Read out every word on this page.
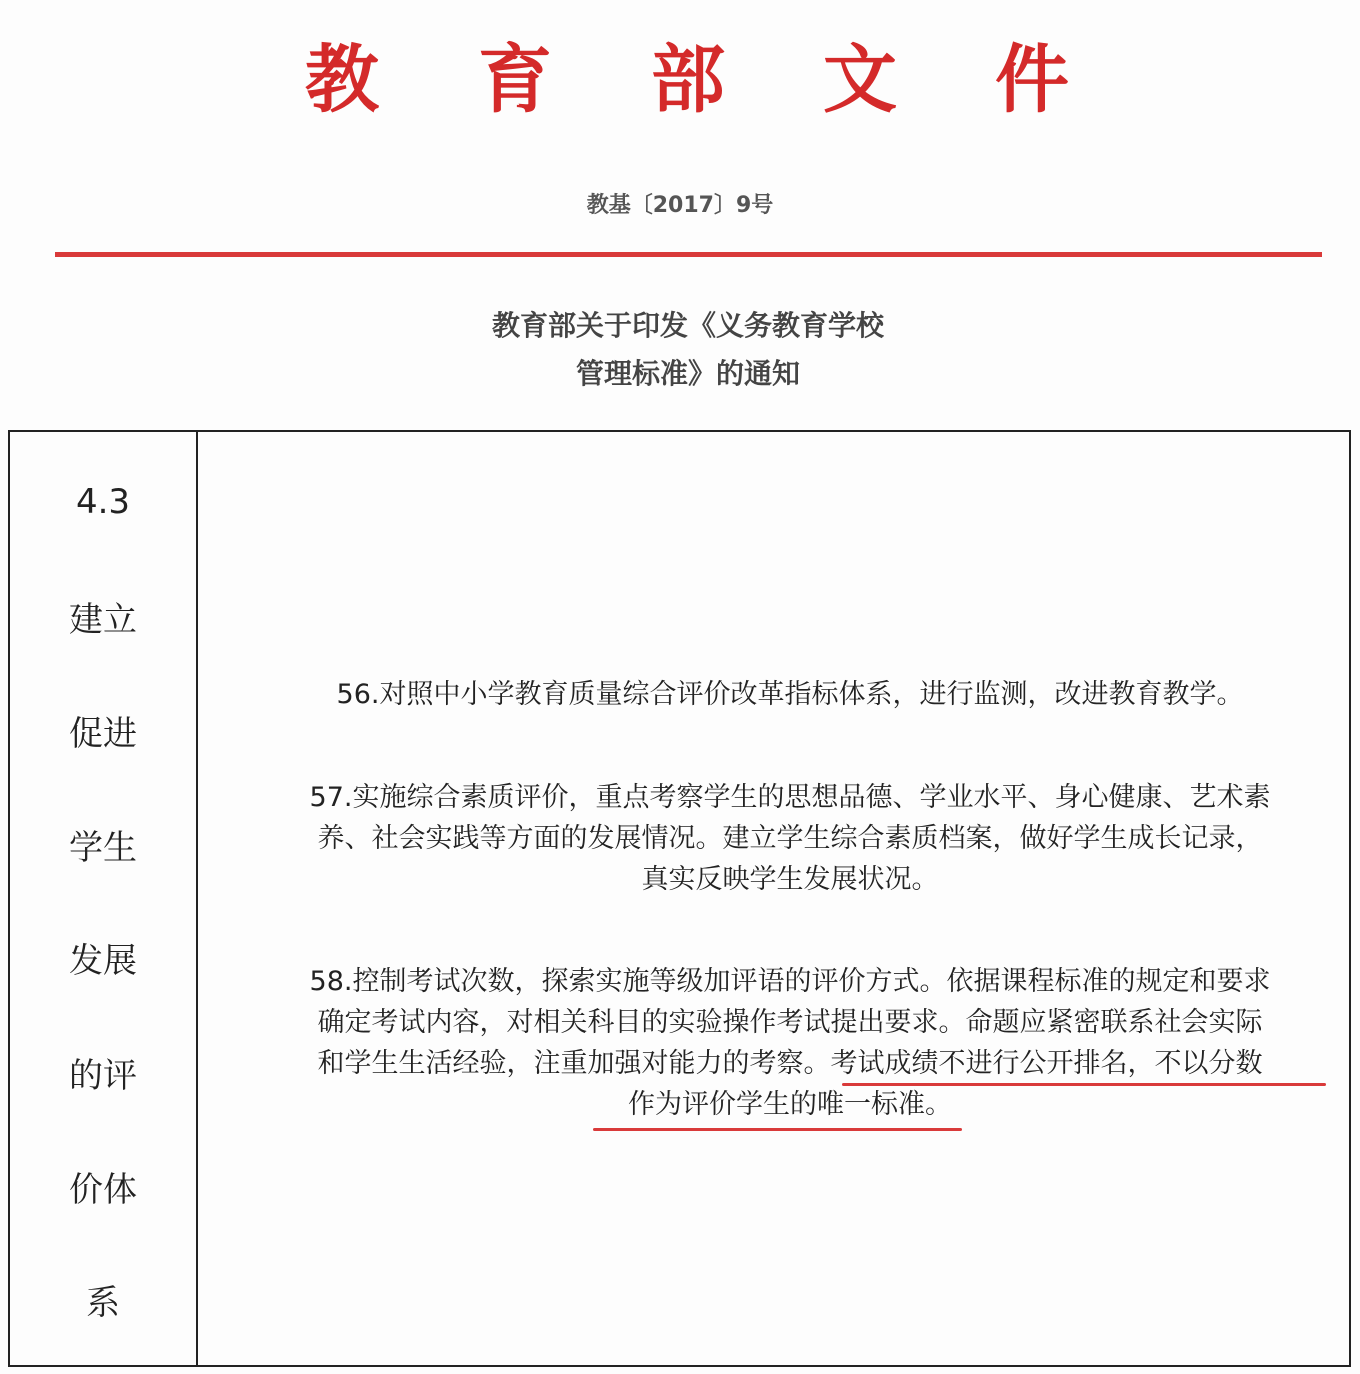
教 育 部 文 件
教基〔2017〕9号
教育部关于印发《义务教育学校
管理标准》的通知
4.3
建立
促进
学生
发展
的评
价体
系
56.对照中小学教育质量综合评价改革指标体系，进行监测，改进教育教学。
57.实施综合素质评价，重点考察学生的思想品德、学业水平、身心健康、艺术素
养、社会实践等方面的发展情况。建立学生综合素质档案，做好学生成长记录，
真实反映学生发展状况。
58.控制考试次数，探索实施等级加评语的评价方式。依据课程标准的规定和要求
确定考试内容，对相关科目的实验操作考试提出要求。命题应紧密联系社会实际
和学生生活经验，注重加强对能力的考察。考试成绩不进行公开排名，不以分数
作为评价学生的唯一标准。
